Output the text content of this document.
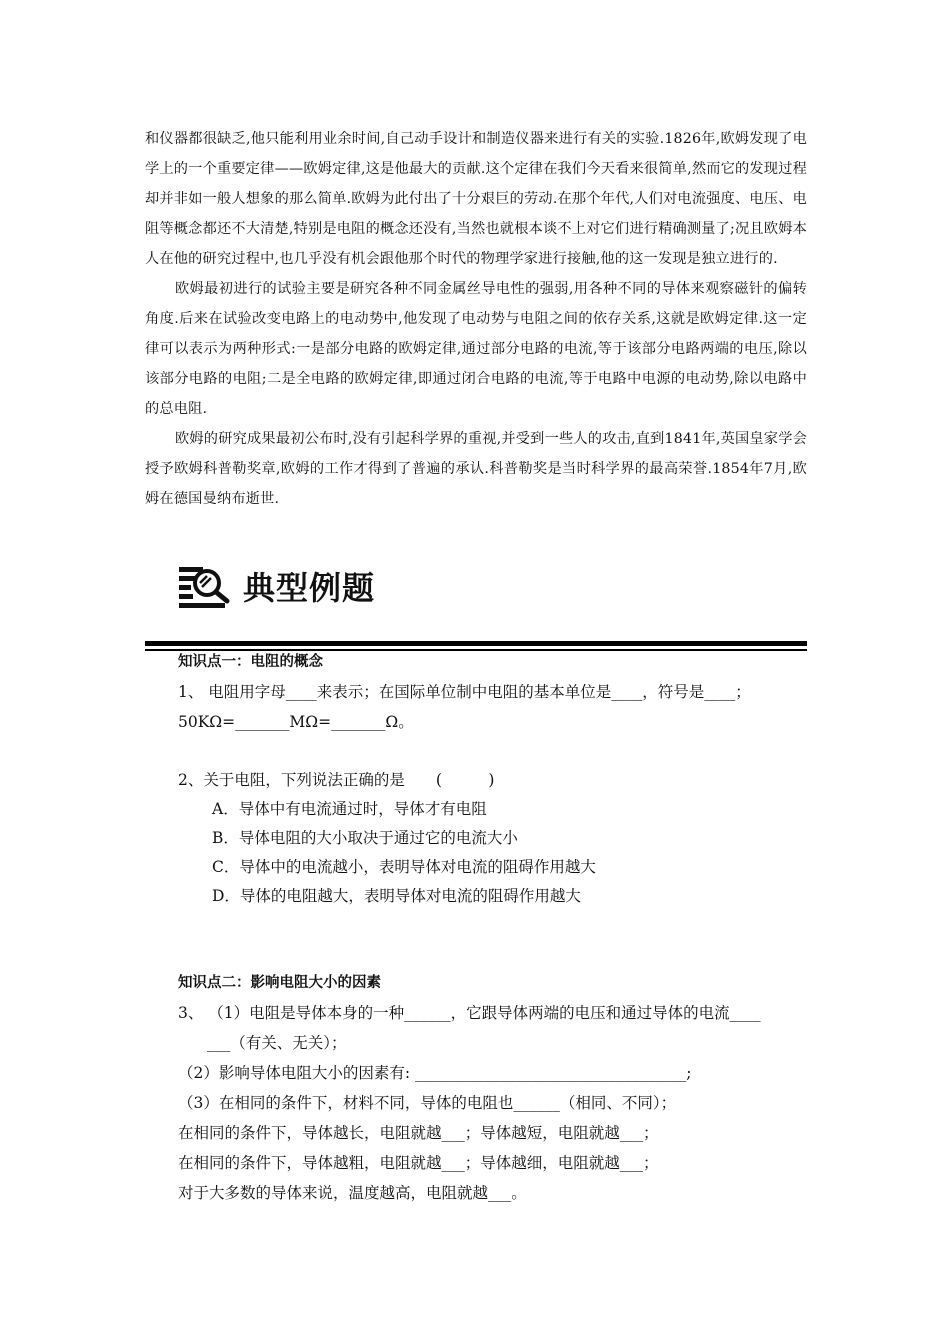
和仪器都很缺乏,他只能利用业余时间,自己动手设计和制造仪器来进行有关的实验.1826年,欧姆发现了电学上的一个重要定律——欧姆定律,这是他最大的贡献.这个定律在我们今天看来很简单,然而它的发现过程却并非如一般人想象的那么简单.欧姆为此付出了十分艰巨的劳动.在那个年代,人们对电流强度、电压、电阻等概念都还不大清楚,特别是电阻的概念还没有,当然也就根本谈不上对它们进行精确测量了;况且欧姆本人在他的研究过程中,也几乎没有机会跟他那个时代的物理学家进行接触,他的这一发现是独立进行的.

欧姆最初进行的试验主要是研究各种不同金属丝导电性的强弱,用各种不同的导体来观察磁针的偏转角度.后来在试验改变电路上的电动势中,他发现了电动势与电阻之间的依存关系,这就是欧姆定律.这一定律可以表示为两种形式:一是部分电路的欧姆定律,通过部分电路的电流,等于该部分电路两端的电压,除以该部分电路的电阻;二是全电路的欧姆定律,即通过闭合电路的电流,等于电路中电源的电动势,除以电路中的总电阻.

欧姆的研究成果最初公布时,没有引起科学界的重视,并受到一些人的攻击,直到1841年,英国皇家学会授予欧姆科普勒奖章,欧姆的工作才得到了普遍的承认.科普勒奖是当时科学界的最高荣誉.1854年7月,欧姆在德国曼纳布逝世.

典型例题
知识点一：电阻的概念
1、 电阻用字母____来表示；在国际单位制中电阻的基本单位是____，符号是____；
50KΩ=_______MΩ=_______Ω。
2、关于电阻，下列说法正确的是　　(　　　)
A．导体中有电流通过时，导体才有电阻
B．导体电阻的大小取决于通过它的电流大小
C．导体中的电流越小，表明导体对电流的阻碍作用越大
D．导体的电阻越大，表明导体对电流的阻碍作用越大
知识点二：影响电阻大小的因素
3、 （1）电阻是导体本身的一种______，它跟导体两端的电压和通过导体的电流____
___（有关、无关）；
（2）影响导体电阻大小的因素有: ___________________________________;
（3）在相同的条件下，材料不同，导体的电阻也______（相同、不同）；
在相同的条件下，导体越长，电阻就越___；导体越短，电阻就越___；
在相同的条件下，导体越粗，电阻就越___；导体越细，电阻就越___；
对于大多数的导体来说，温度越高，电阻就越___。
